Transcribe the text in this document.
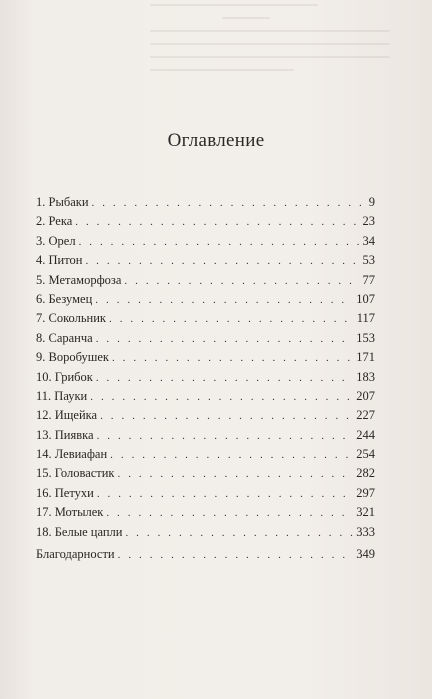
Оглавление
1. Рыбаки . . .	9
2. Река . . .	23
3. Орел . . .	34
4. Питон . . .	53
5. Метаморфоза . . .	77
6. Безумец . . .	107
7. Сокольник . . .	117
8. Саранча . . .	153
9. Воробушек . . .	171
10. Грибок . . .	183
11. Пауки . . .	207
12. Ищейка . . .	227
13. Пиявка . . .	244
14. Левиафан . . .	254
15. Головастик . . .	282
16. Петухи . . .	297
17. Мотылек . . .	321
18. Белые цапли . . .	333
Благодарности . . .	349
